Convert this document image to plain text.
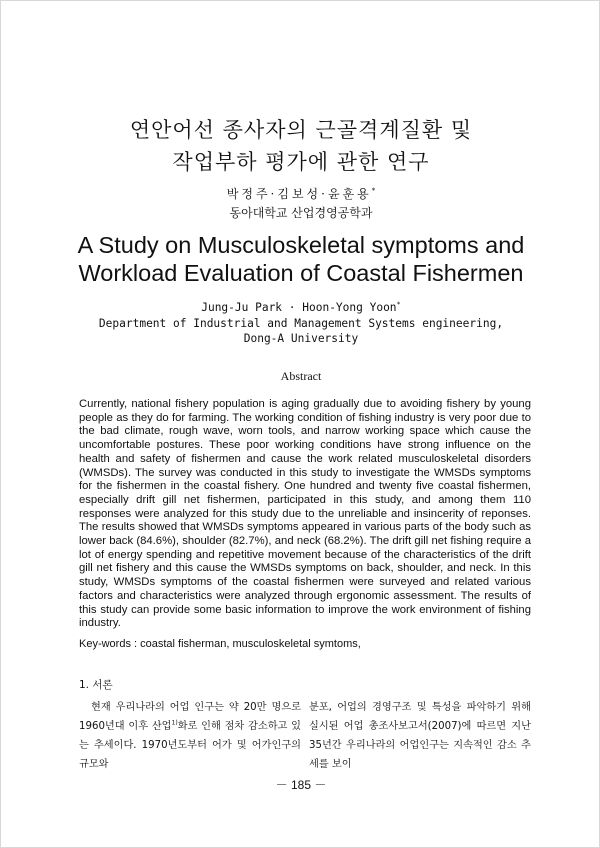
연안어선 종사자의 근골격계질환 및
작업부하 평가에 관한 연구
박정주·김보성·윤훈용*
동아대학교 산업경영공학과
A Study on Musculoskeletal symptoms and
Workload Evaluation of Coastal Fishermen
Jung-Ju Park · Hoon-Yong Yoon*
Department of Industrial and Management Systems engineering,
Dong-A University
Abstract
Currently, national fishery population is aging gradually due to avoiding fishery by young people as they do for farming. The working condition of fishing industry is very poor due to the bad climate, rough wave, worn tools, and narrow working space which cause the uncomfortable postures. These poor working conditions have strong influence on the health and safety of fishermen and cause the work related musculoskeletal disorders (WMSDs). The survey was conducted in this study to investigate the WMSDs symptoms for the fishermen in the coastal fishery. One hundred and twenty five coastal fishermen, especially drift gill net fishermen, participated in this study, and among them 110 responses were analyzed for this study due to the unreliable and insincerity of reponses. The results showed that WMSDs symptoms appeared in various parts of the body such as lower back (84.6%), shoulder (82.7%), and neck (68.2%). The drift gill net fishing require a lot of energy spending and repetitive movement because of the characteristics of the drift gill net fishery and this cause the WMSDs symptoms on back, shoulder, and neck. In this study, WMSDs symptoms of the coastal fishermen were surveyed and related various factors and characteristics were analyzed through ergonomic assessment. The results of this study can provide some basic information to improve the work environment of fishing industry.
Key-words : coastal fisherman, musculoskeletal symtoms,
1. 서론
현재 우리나라의 어업 인구는 약 20만 명으로 1960년대 이후 산업$^{1)}$화로 인해 점차 감소하고 있는 추세이다. 1970년도부터 어가 및 어가인구의 규모와
분포, 어업의 경영구조 및 특성을 파악하기 위해 실시된 어업 총조사보고서(2007)에 따르면 지난 35년간 우리나라의 어업인구는 지속적인 감소 추세를 보이
－ 185 －
